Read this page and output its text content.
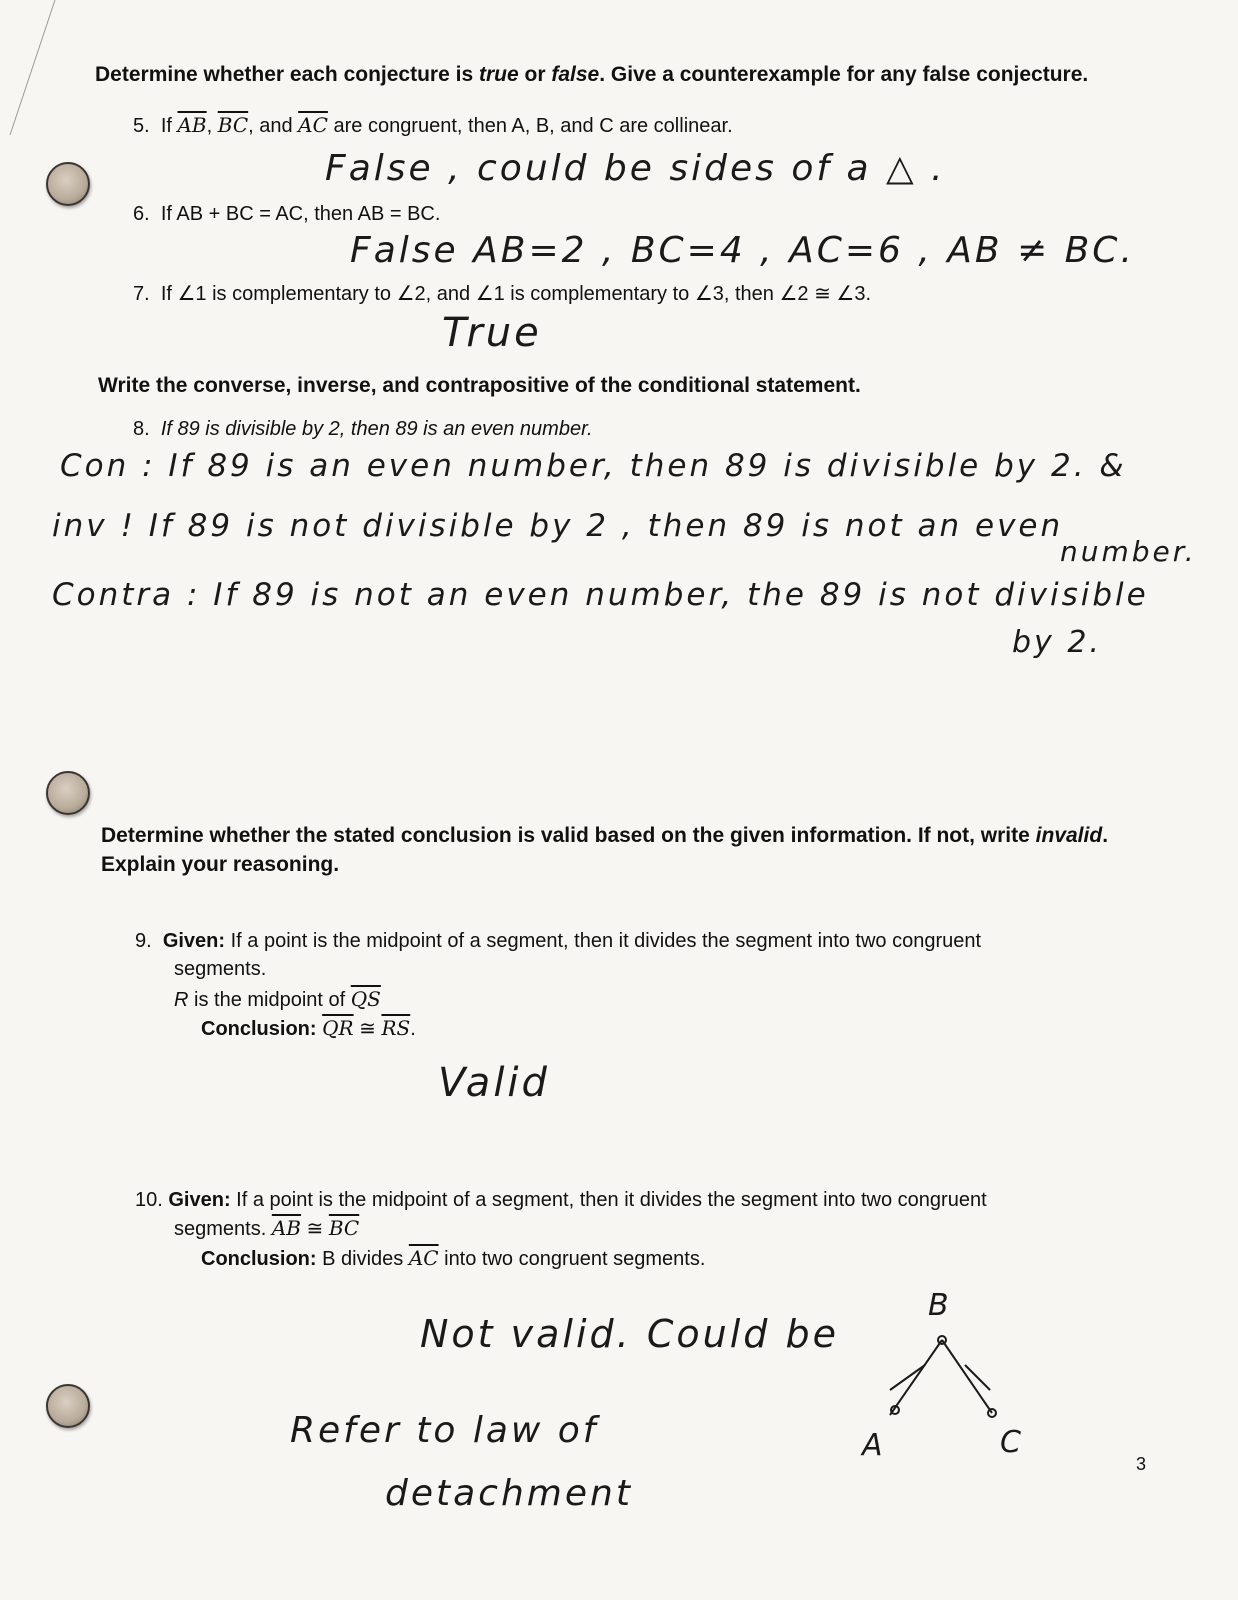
Determine whether each conjecture is true or false. Give a counterexample for any false conjecture.
5. If $\overline{AB}$, $\overline{BC}$, and $\overline{AC}$ are congruent, then A, B, and C are collinear.
False , could be sides of a △ .
6. If AB + BC = AC, then AB = BC.
False AB=2 , BC=4 , AC=6 , AB ≠ BC.
7. If ∠1 is complementary to ∠2, and ∠1 is complementary to ∠3, then ∠2 ≅ ∠3.
True
Write the converse, inverse, and contrapositive of the conditional statement.
8. If 89 is divisible by 2, then 89 is an even number.
Con : If 89 is an even number, then 89 is divisible by 2. &
inv ! If 89 is not divisible by 2 , then 89 is not an even
number.
Contra : If 89 is not an even number, the 89 is not divisible
by 2.
Determine whether the stated conclusion is valid based on the given information. If not, write invalid.
Explain your reasoning.
9. Given: If a point is the midpoint of a segment, then it divides the segment into two congruent
segments.
R is the midpoint of $\overline{QS}$
Conclusion: $\overline{QR}$ ≅ $\overline{RS}$.
Valid
10. Given: If a point is the midpoint of a segment, then it divides the segment into two congruent
segments. $\overline{AB}$ ≅ $\overline{BC}$
Conclusion: B divides $\overline{AC}$ into two congruent segments.
Not valid. Could be
Refer to law of
detachment
B
A	C
3
